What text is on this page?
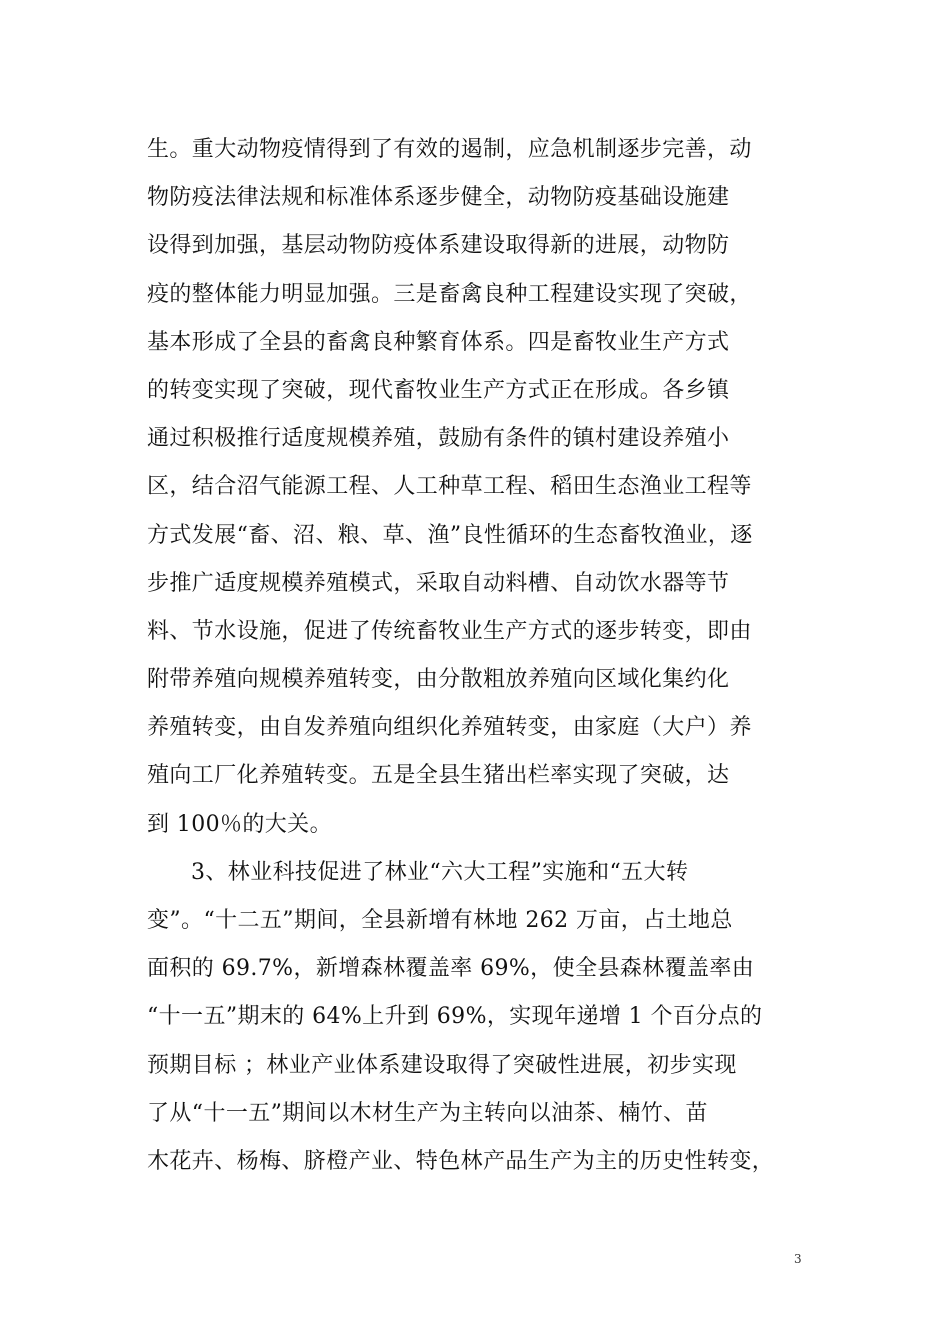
生。重大动物疫情得到了有效的遏制，应急机制逐步完善，动
物防疫法律法规和标准体系逐步健全，动物防疫基础设施建
设得到加强，基层动物防疫体系建设取得新的进展，动物防
疫的整体能力明显加强。三是畜禽良种工程建设实现了突破，
基本形成了全县的畜禽良种繁育体系。四是畜牧业生产方式
的转变实现了突破，现代畜牧业生产方式正在形成。各乡镇
通过积极推行适度规模养殖，鼓励有条件的镇村建设养殖小
区，结合沼气能源工程、人工种草工程、稻田生态渔业工程等
方式发展“畜、沼、粮、草、渔”良性循环的生态畜牧渔业，逐
步推广适度规模养殖模式，采取自动料槽、自动饮水器等节
料、节水设施，促进了传统畜牧业生产方式的逐步转变，即由
附带养殖向规模养殖转变，由分散粗放养殖向区域化集约化
养殖转变，由自发养殖向组织化养殖转变，由家庭（大户）养
殖向工厂化养殖转变。五是全县生猪出栏率实现了突破，达
到 100％的大关。
3、林业科技促进了林业“六大工程”实施和“五大转
变”。“十二五”期间，全县新增有林地 262 万亩，占土地总
面积的 69.7%，新增森林覆盖率 69%，使全县森林覆盖率由
“十一五”期末的 64%上升到 69%，实现年递增 1 个百分点的
预期目标 ；林业产业体系建设取得了突破性进展，初步实现
了从“十一五”期间以木材生产为主转向以油茶、楠竹、苗
木花卉、杨梅、脐橙产业、特色林产品生产为主的历史性转变，
3
